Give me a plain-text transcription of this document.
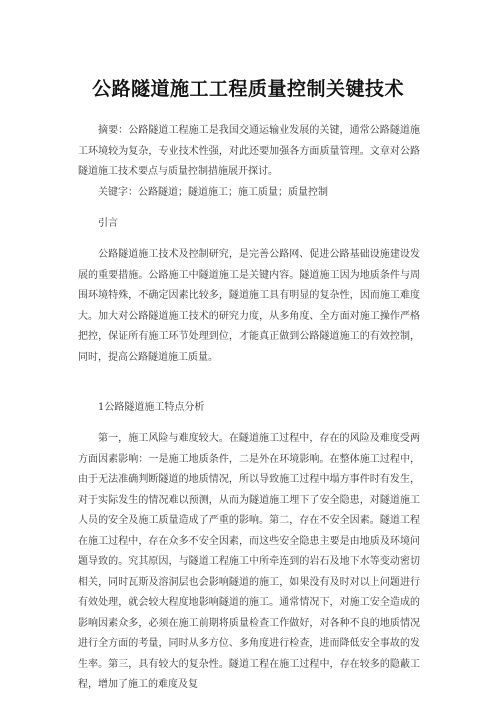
公路隧道施工工程质量控制关键技术

摘要：公路隧道工程施工是我国交通运输业发展的关键，通常公路隧道施工环境较为复杂，专业技术性强，对此还要加强各方面质量管理。文章对公路隧道施工技术要点与质量控制措施展开探讨。

关键字：公路隧道；隧道施工；施工质量；质量控制

引言

公路隧道施工技术及控制研究，是完善公路网、促进公路基础设施建设发展的重要措施。公路施工中隧道施工是关键内容。隧道施工因为地质条件与周围环境特殊，不确定因素比较多，隧道施工具有明显的复杂性，因而施工难度大。加大对公路隧道施工技术的研究力度，从多角度、全方面对施工操作严格把控，保证所有施工环节处理到位，才能真正做到公路隧道施工的有效控制，同时，提高公路隧道施工质量。

1公路隧道施工特点分析

第一，施工风险与难度较大。在隧道施工过程中，存在的风险及难度受两方面因素影响：一是施工地质条件，二是外在环境影响。在整体施工过程中，由于无法准确判断隧道的地质情况，所以导致施工过程中塌方事件时有发生，对于实际发生的情况难以预测，从而为隧道施工埋下了安全隐患，对隧道施工人员的安全及施工质量造成了严重的影响。第二，存在不安全因素。隧道工程在施工过程中，存在众多不安全因素，而这些安全隐患主要是由地质及环境问题导致的。究其原因，与隧道工程施工中所牵连到的岩石及地下水等变动密切相关，同时瓦斯及溶洞层也会影响隧道的施工，如果没有及时对以上问题进行有效处理，就会较大程度地影响隧道的施工。通常情况下，对施工安全造成的影响因素众多，必须在施工前期将质量检查工作做好，对各种不良的地质情况进行全方面的考量，同时从多方位、多角度进行检查，进而降低安全事故的发生率。第三，具有较大的复杂性。隧道工程在施工过程中，存在较多的隐蔽工程，增加了施工的难度及复
